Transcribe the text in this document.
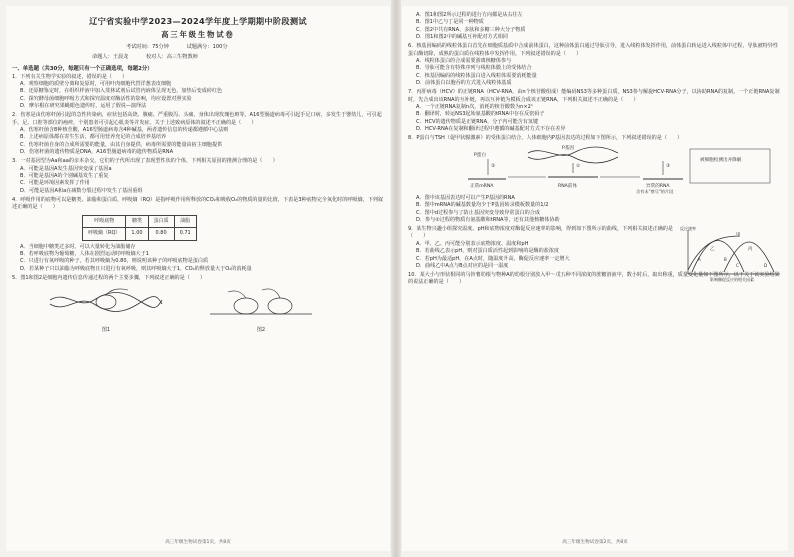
辽宁省实验中学2023—2024学年度上学期期中阶段测试
高三年级生物试卷
考试时间：75分钟	试题满分：100分
命题人：王晨龙	校对人：高三生物教师
一、单选题（共30分，每题只有一个正确选项，每题2分）
1．下列有关生物学实验的叙述，错误的是（　　）
A．观察细胞的质壁分离和复原时，可用叶肉细胞代替洋葱表皮细胞
B．还原糖鉴定时，在组织样液中加入斐林试剂后试管内液体呈现无色，加热后变成砖红色
C．探究酵母菌细胞呼吸方式和探究温度对酶活性的影响，均应设置对照实验
D．摩尔根在研究果蝇眼色遗传时，运用了假说—演绎法
2．伤寒是由伤寒杆菌引起的急性传染病，症状包括高烧、腹痛、严重腹泻、头痛、身体出现玫瑰色斑等。A16型肠道病毒可引起手足口病，多发生于婴幼儿，可引起手、足、口腔等部位的疱疹，个别患者可引起心肌炎等并发症。关于上述致病原体的叙述不正确的是（　　）
A．伤寒杆菌含8种核苷酸，A16型肠道病毒含4种碱基，两者遗传信息的传递都遵循中心法则
B．上述病原体都在寄生生活，都可用营养充足的合成培养基培养
C．伤寒杆菌自身的合成所需要的能量，由其自身提供，病毒所需要的能量由宿主细胞提供
D．伤寒杆菌的遗传物质是DNA，A16型肠道病毒的遗传物质是RNA
3．一对基因型为Aa和aa的亲本杂交，它们的子代所出现了表现型性状的个体，下列相关原因的推测合理的是（　　）
A．可能是基因A发生基因突变成了基因a
B．可能是基因A的个别碱基发生了重复
C．可能是环境因素发挥了作用
D．可能是基因A和a在减数分裂过程中发生了基因重组
4．呼吸作用的底物可以是糖类、油脂和蛋白质，呼吸熵（RQ）是指呼吸作用所释放的CO₂和吸收O₂的物质的量的比值，下表是3种底物完全氧化时的呼吸熵，下列叙述正确的是（　　）
呼吸底物	糖类	蛋白质	油脂
呼吸熵（RQ）	1.00	0.80	0.71
A．当细胞中糖类过多时，可以大量转化为油脂储存
B．若呼吸底物为葡萄糖，人体在剧烈运动时呼吸熵大于1
C．只进行有氧呼吸的种子，若其呼吸熵为0.80，则说明该种子的呼吸底物是蛋白质
D．若某种子只以油脂为呼吸底物且只进行有氧呼吸，则其呼吸熵大于1，CO₂的释放量大于O₂的消耗量
5．图1和图2是细胞内遗传信息传递过程的两个主要步骤，下列叙述正确的是（　　）
图1	图2
高三年级生物试卷第1页，共8页
A．图1和图2所示过程的进行方向都是从右往左
B．图1中乙与丁是同一种物质
C．图2中共有RNA、多肽和多糖三种大分子物质
D．图1和图2中的碱基互补配对方式相同
6．核基因编码的线粒体蛋白首先在细胞质基质中合成前体蛋白，这种前体蛋白通过导肽引导，进入线粒体发挥作用，前体蛋白转运进入线粒体中过程，导肽被特异性蛋白酶切除，成熟的蛋白质在线粒体中发挥作用。下列叙述错误的是（　　）
A．线粒体蛋白的合成需要游离核糖体参与
B．导肽可能含有特殊序列与线粒体膜上的受体结合
C．核基因编码的线粒体蛋白进入线粒体需要消耗能量
D．前体蛋白以胞吞的方式进入线粒体基质
7．丙肝病毒（HCV）的正链RNA（HCV-RNA，由n个核苷酸组成）能编码NS3等多种蛋白质，NS3参与解旋HCV-RNA分子，以协助RNA的复制。一个正链RNA复制时，先合成出该RNA的互补链，再以互补链为模板合成该正链RNA，下列相关叙述不正确的是（　　）
A．一个正链RNA复制n次，消耗的核苷酸数为n×2ⁿ
B．翻译时，转运NS3起始氨基酸的tRNA中存在反密码子
C．HCV的遗传物质是正链RNA，分子内可能含有氢键
D．HCV-RNA在复制和翻译过程中遵循的碱基配对方式不存在差异
8．P蛋白与TSH（促甲状腺激素）的受体蛋白结合，人体细胞内P基因表达的过程如下图所示，下列叙述错误的是（　　）
P基因
P蛋白
正常mRNA	RNA前体	异常的RNA
被细胞检测出并降解
含有未"剪尽"的片段
①
②	③
A．图中该基因表达时可以产生P基因的RNA
B．图中mRNA的碱基数量均少于P基因转录模板数量的1/2
C．图中d过程参与了防止基因突变导致异常蛋白的合成
D．参与②过程的物质有氨基酸和tRNA等，还有其他核糖体协助
9．某生物兴趣小组探究温度、pH和底物浓度对酶促反应速率的影响，得到如下图所示的曲线，下列相关叙述正确的是（　　）
A．甲、乙、丙可能分别表示底物浓度、温度和pH
B．若曲线乙表示pH，则对蛋白质活性起到影响的是酶的盐浓度
C．若pH为最适pH，在A点时，随温度升高，酶促反应速率一定增大
D．曲线乙中A点与B点对应的是同一温度
反应速率
甲
乙	丙
A	B
C	D
影响酶促反应的相关因素
10．某大小与形状相同的马铃薯幼根与物种A的幼根分别放入甲～戊五种不同浓度的蔗糖溶液中，数小时后，取出称重，质量变化量如下图所示，以下关于该实验结果的说法正确的是（　　）
高三年级生物试卷第2页，共8页
